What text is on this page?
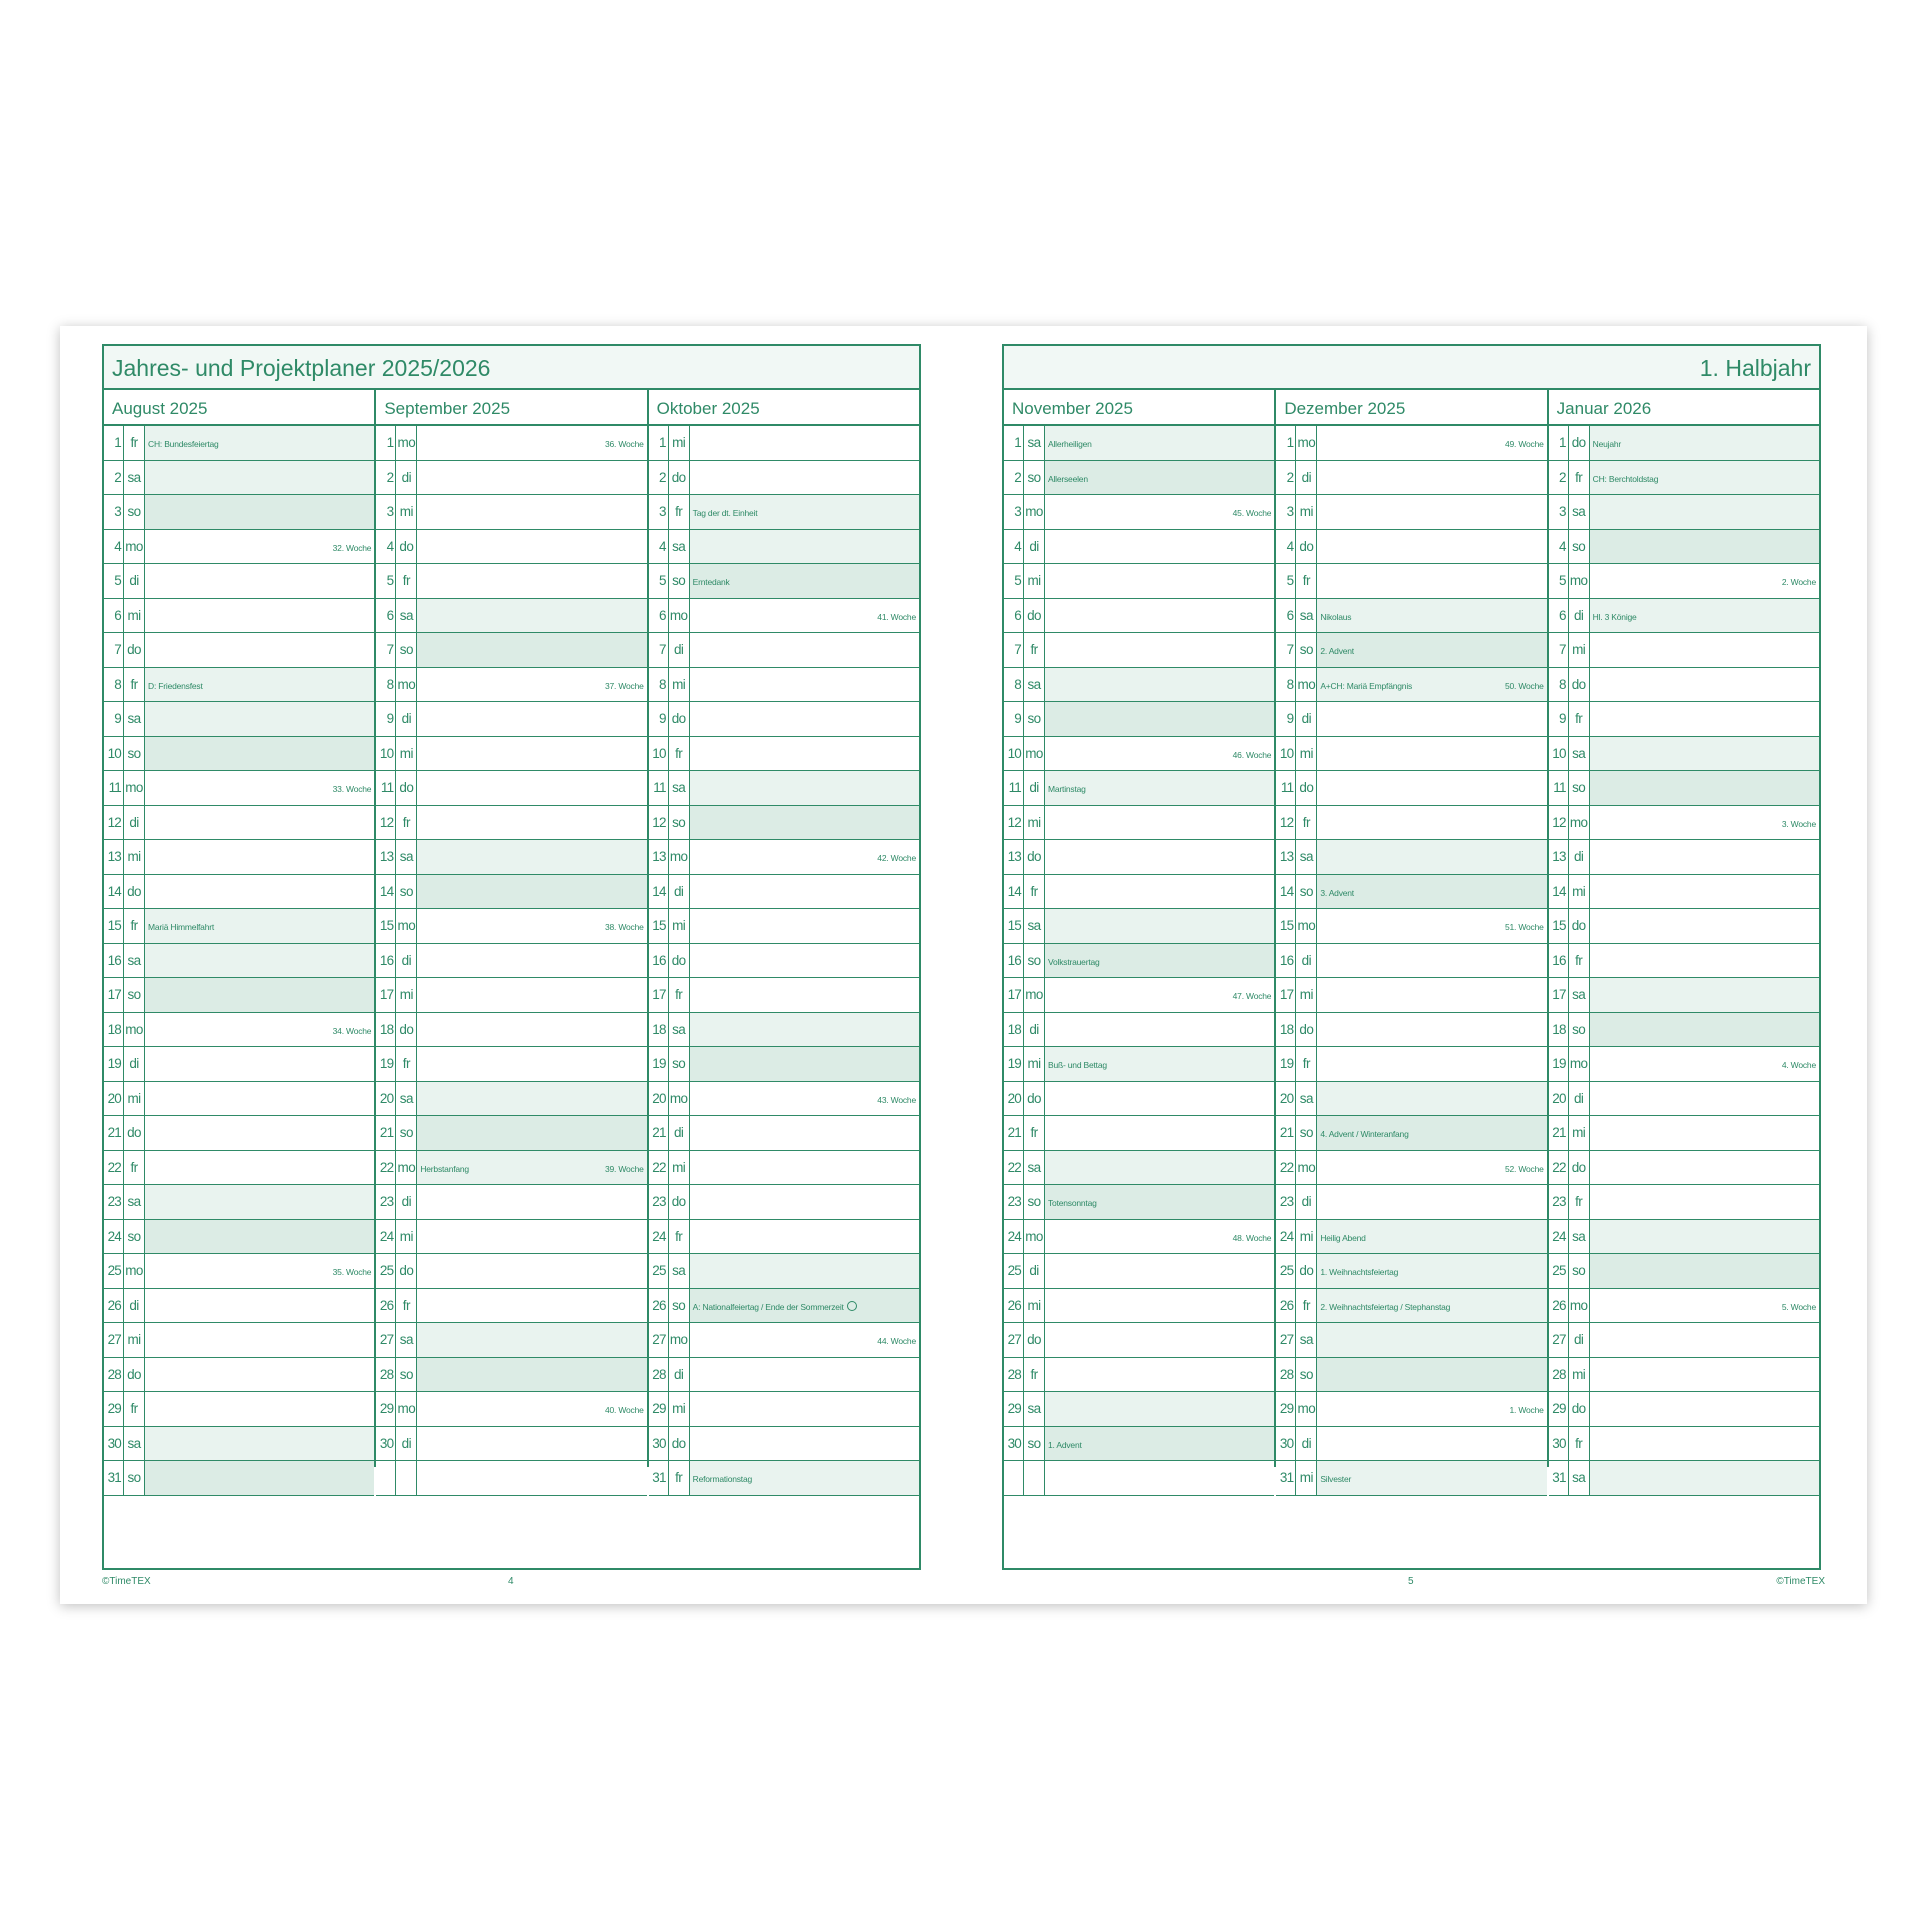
Jahres- und Projektplaner 2025/2026
August 2025
1 fr	CH: Bundesfeiertag
2 sa
3 so
4 mo	32. Woche
5 di
6 mi
7 do
8 fr	D: Friedensfest
9 sa
10 so
11 mo	33. Woche
12 di
13 mi
14 do
15 fr	Mariä Himmelfahrt
16 sa
17 so
18 mo	34. Woche
19 di
20 mi
21 do
22 fr
23 sa
24 so
25 mo	35. Woche
26 di
27 mi
28 do
29 fr
30 sa
31 so
September 2025
1 mo	36. Woche
2 di
3 mi
4 do
5 fr
6 sa
7 so
8 mo	37. Woche
9 di
10 mi
11 do
12 fr
13 sa
14 so
15 mo	38. Woche
16 di
17 mi
18 do
19 fr
20 sa
21 so
22 mo Herbstanfang	39. Woche
23 di
24 mi
25 do
26 fr
27 sa
28 so
29 mo	40. Woche
30 di
Oktober 2025
1 mi
2 do
3 fr	Tag der dt. Einheit
4 sa
5 so Erntedank
6 mo	41. Woche
7 di
8 mi
9 do
10 fr
11 sa
12 so
13 mo	42. Woche
14 di
15 mi
16 do
17 fr
18 sa
19 so
20 mo	43. Woche
21 di
22 mi
23 do
24 fr
25 sa
26 so A: Nationalfeiertag / Ende der Sommerzeit
27 mo	44. Woche
28 di
29 mi
30 do
31 fr	Reformationstag
1. Halbjahr
November 2025
1 sa Allerheiligen
2 so Allerseelen
3 mo	45. Woche
4 di
5 mi
6 do
7 fr
8 sa
9 so
10 mo	46. Woche
11 di	Martinstag
12 mi
13 do
14 fr
15 sa
16 so Volkstrauertag
17 mo	47. Woche
18 di
19 mi Buß- und Bettag
20 do
21 fr
22 sa
23 so Totensonntag
24 mo	48. Woche
25 di
26 mi
27 do
28 fr
29 sa
30 so 1. Advent
Dezember 2025
1 mo	49. Woche
2 di
3 mi
4 do
5 fr
6 sa Nikolaus
7 so 2. Advent
8 mo A+CH: Mariä Empfängnis	50. Woche
9 di
10 mi
11 do
12 fr
13 sa
14 so 3. Advent
15 mo	51. Woche
16 di
17 mi
18 do
19 fr
20 sa
21 so 4. Advent / Winteranfang
22 mo	52. Woche
23 di
24 mi Heilig Abend
25 do 1. Weihnachtsfeiertag
26 fr	2. Weihnachtsfeiertag / Stephanstag
27 sa
28 so
29 mo	1. Woche
30 di
31 mi Silvester
Januar 2026
1 do Neujahr
2 fr	CH: Berchtoldstag
3 sa
4 so
5 mo	2. Woche
6 di	Hl. 3 Könige
7 mi
8 do
9 fr
10 sa
11 so
12 mo	3. Woche
13 di
14 mi
15 do
16 fr
17 sa
18 so
19 mo	4. Woche
20 di
21 mi
22 do
23 fr
24 sa
25 so
26 mo	5. Woche
27 di
28 mi
29 do
30 fr
31 sa
©TimeTEX	4	5	©TimeTEX
